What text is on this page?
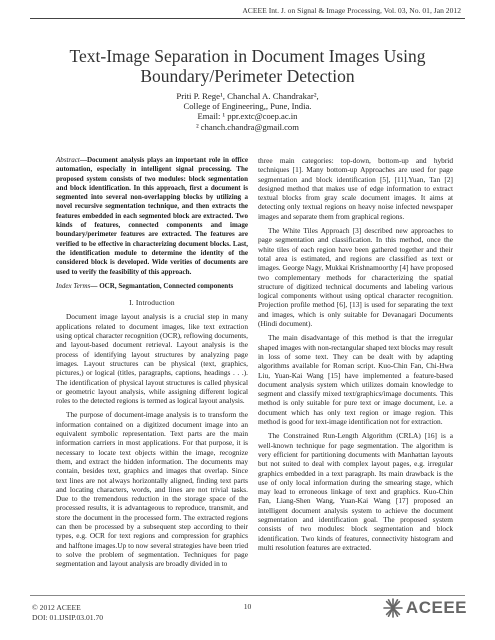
ACEEE Int. J. on Signal & Image Processing, Vol. 03, No. 01, Jan 2012
Text-Image Separation in Document Images Using Boundary/Perimeter Detection
Priti P. Rege¹, Chanchal A. Chandrakar²,
College of Engineering,, Pune, India.
Email: ¹ ppr.extc@coep.ac.in
² chanch.chandra@gmail.com

Abstract—Document analysis plays an important role in office automation, especially in intelligent signal processing. The proposed system consists of two modules: block segmentation and block identification. In this approach, first a document is segmented into several non-overlapping blocks by utilizing a novel recursive segmentation technique, and then extracts the features embedded in each segmented block are extracted. Two kinds of features, connected components and image boundary/perimeter features are extracted. The features are verified to be effective in characterizing document blocks. Last, the identification module to determine the identity of the considered block is developed. Wide verities of documents are used to verify the feasibility of this approach.

Index Terms— OCR, Segmantation, Connected components

I. Introduction

Document image layout analysis is a crucial step in many applications related to document images, like text extraction using optical character recognition (OCR), reflowing documents, and layout-based document retrieval. Layout analysis is the process of identifying layout structures by analyzing page images. Layout structures can be physical (text, graphics, pictures,) or logical (titles, paragraphs, captions, headings . . .). The identification of physical layout structures is called physical or geometric layout analysis, while assigning different logical roles to the detected regions is termed as logical layout analysis.

The purpose of document-image analysis is to transform the information contained on a digitized document image into an equivalent symbolic representation. Text parts are the main information carriers in most applications. For that purpose, it is necessary to locate text objects within the image, recognize them, and extract the hidden information. The documents may contain, besides text, graphics and images that overlap. Since text lines are not always horizontally aligned, finding text parts and locating characters, words, and lines are not trivial tasks. Due to the tremendous reduction in the storage space of the processed results, it is advantageous to reproduce, transmit, and store the document in the processed form. The extracted regions can then be processed by a subsequent step according to their types, e.g. OCR for text regions and compression for graphics and halftone images.Up to now several strategies have been tried to solve the problem of segmentation. Techniques for page segmentation and layout analysis are broadly divided in to

three main categories: top-down, bottom-up and hybrid techniques [1]. Many bottom-up Approaches are used for page segmentation and block identification [5], [11].Yuan, Tan [2] designed method that makes use of edge information to extract textual blocks from gray scale document images. It aims at detecting only textual regions on heavy noise infected newspaper images and separate them from graphical regions.

The White Tiles Approach [3] described new approaches to page segmentation and classification. In this method, once the white tiles of each region have been gathered together and their total area is estimated, and regions are classified as text or images. George Nagy, Mukkai Krishnamoorthy [4] have proposed two complementary methods for characterizing the spatial structure of digitized technical documents and labeling various logical components without using optical character recognition. Projection profile method [6], [13] is used for separating the text and images, which is only suitable for Devanagari Documents (Hindi document).

The main disadvantage of this method is that the irregular shaped images with non-rectangular shaped text blocks may result in loss of some text. They can be dealt with by adapting algorithms available for Roman script. Kuo-Chin Fan, Chi-Hwa Liu, Yuan-Kai Wang [15] have implemented a feature-based document analysis system which utilizes domain knowledge to segment and classify mixed text/graphics/image documents. This method is only suitable for pure text or image document, i.e. a document which has only text region or image region. This method is good for text-image identification not for extraction.

The Constrained Run-Length Algorithm (CRLA) [16] is a well-known technique for page segmentation. The algorithm is very efficient for partitioning documents with Manhattan layouts but not suited to deal with complex layout pages, e.g. irregular graphics embedded in a text paragraph. Its main drawback is the use of only local information during the smearing stage, which may lead to erroneous linkage of text and graphics. Kuo-Chin Fan, Liang-Shen Wang, Yuan-Kai Wang [17] proposed an intelligent document analysis system to achieve the document segmentation and identification goal. The proposed system consists of two modules: block segmentation and block identification. Two kinds of features, connectivity histogram and multi resolution features are extracted.

© 2012 ACEEE
DOI: 01.IJSIP.03.01.70
10	ACEEE
